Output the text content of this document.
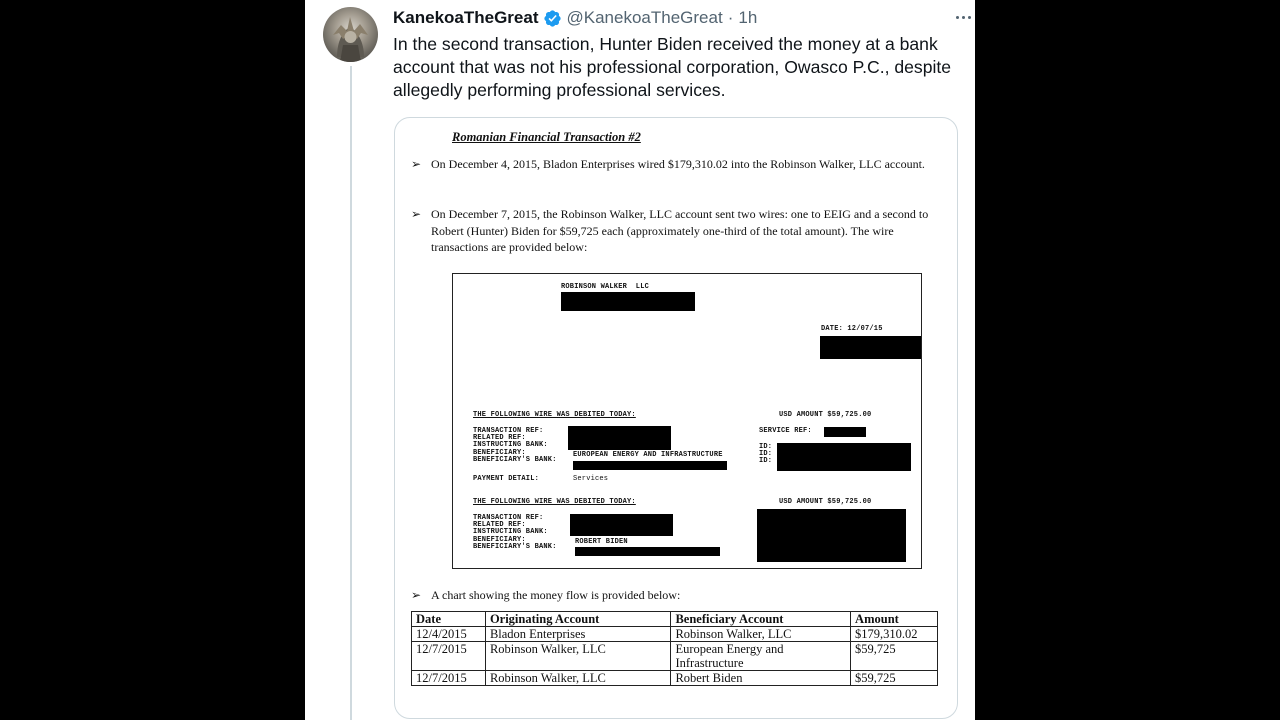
KanekoaTheGreat @KanekoaTheGreat · 1h
In the second transaction, Hunter Biden received the money at a bank account that was not his professional corporation, Owasco P.C., despite allegedly performing professional services.
Romanian Financial Transaction #2
➢ On December 4, 2015, Bladon Enterprises wired $179,310.02 into the Robinson Walker, LLC account.
➢ On December 7, 2015, the Robinson Walker, LLC account sent two wires: one to EEIG and a second to Robert (Hunter) Biden for $59,725 each (approximately one-third of the total amount). The wire transactions are provided below:
ROBINSON WALKER  LLC
DATE: 12/07/15
THE FOLLOWING WIRE WAS DEBITED TODAY:	USD AMOUNT $59,725.00
TRANSACTION REF:
RELATED REF:
INSTRUCTING BANK:
BENEFICIARY:
BENEFICIARY'S BANK:
EUROPEAN ENERGY AND INFRASTRUCTURE
SERVICE REF:
ID:
ID:
ID:
PAYMENT DETAIL:	Services
THE FOLLOWING WIRE WAS DEBITED TODAY:	USD AMOUNT $59,725.00
TRANSACTION REF:
RELATED REF:
INSTRUCTING BANK:
BENEFICIARY:
BENEFICIARY'S BANK:
ROBERT BIDEN
➢ A chart showing the money flow is provided below:
Date	Originating Account	Beneficiary Account	Amount
12/4/2015	Bladon Enterprises	Robinson Walker, LLC	$179,310.02
12/7/2015	Robinson Walker, LLC	European Energy and Infrastructure	$59,725
12/7/2015	Robinson Walker, LLC	Robert Biden	$59,725
